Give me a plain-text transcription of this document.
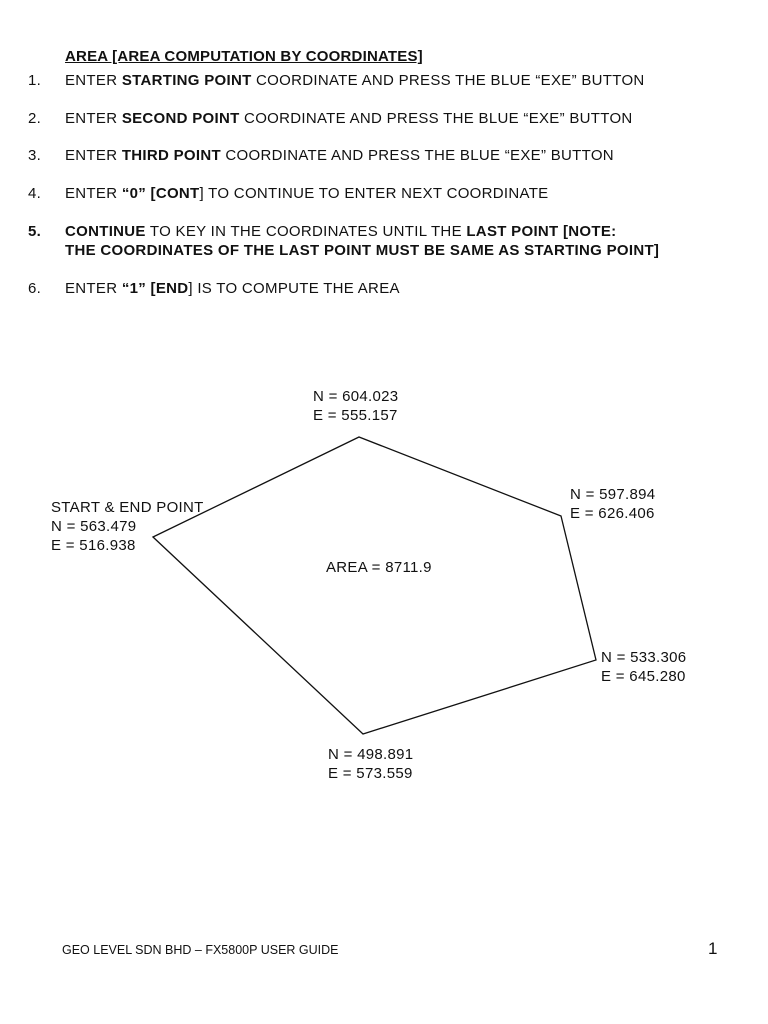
AREA [AREA COMPUTATION BY COORDINATES]
1. ENTER STARTING POINT COORDINATE AND PRESS THE BLUE “EXE” BUTTON
2. ENTER SECOND POINT COORDINATE AND PRESS THE BLUE “EXE” BUTTON
3. ENTER THIRD POINT COORDINATE AND PRESS THE BLUE “EXE” BUTTON
4. ENTER “0” [CONT] TO CONTINUE TO ENTER NEXT COORDINATE
5. CONTINUE TO KEY IN THE COORDINATES UNTIL THE LAST POINT [NOTE:
THE COORDINATES OF THE LAST POINT MUST BE SAME AS STARTING POINT]
6. ENTER “1” [END] IS TO COMPUTE THE AREA
N = 604.023
E = 555.157
START & END POINT
N = 563.479
E = 516.938
N = 597.894
E = 626.406
N = 533.306
E = 645.280
N = 498.891
E = 573.559
AREA = 8711.9
GEO LEVEL SDN BHD – FX5800P USER GUIDE	1
